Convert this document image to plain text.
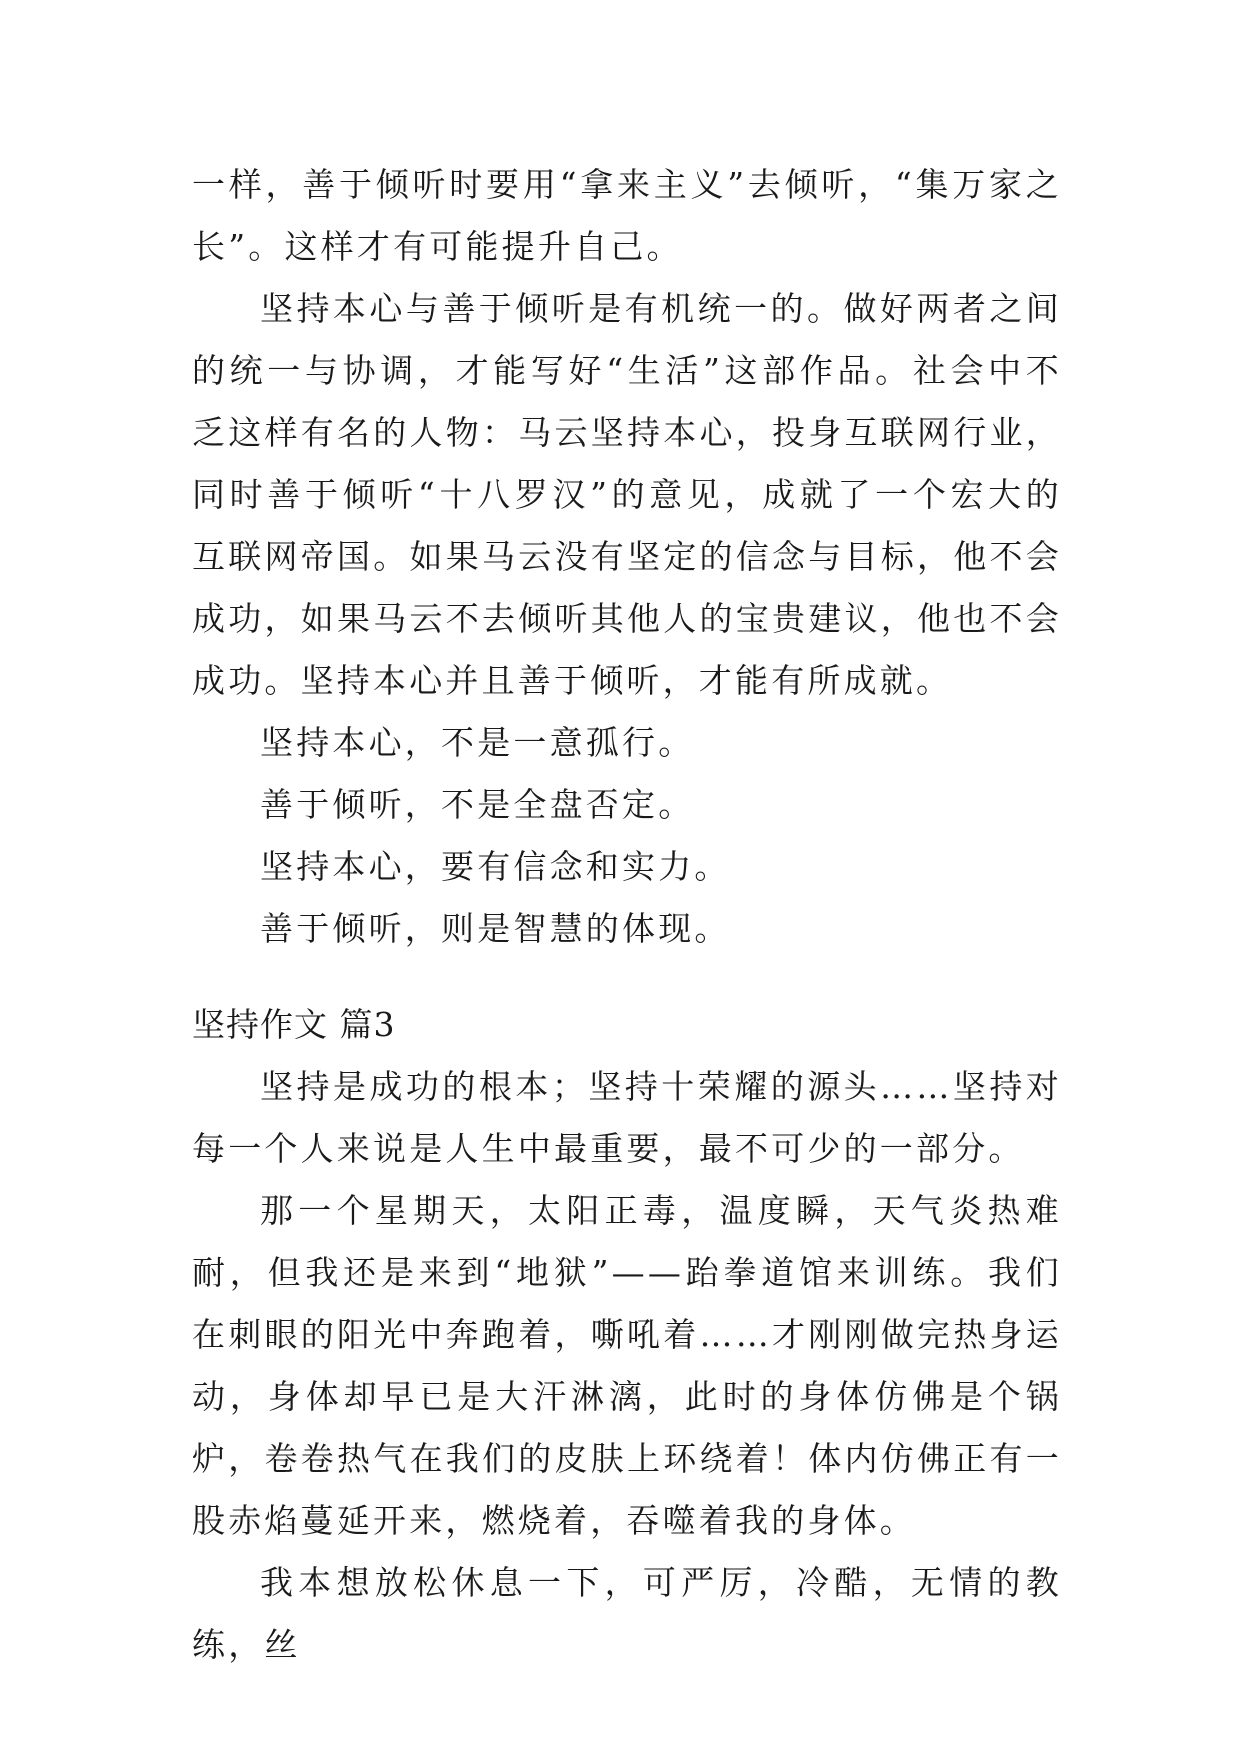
一样，善于倾听时要用“拿来主义”去倾听，“集万家之长”。这样才有可能提升自己。

坚持本心与善于倾听是有机统一的。做好两者之间的统一与协调，才能写好“生活”这部作品。社会中不乏这样有名的人物：马云坚持本心，投身互联网行业，同时善于倾听“十八罗汉”的意见，成就了一个宏大的互联网帝国。如果马云没有坚定的信念与目标，他不会成功，如果马云不去倾听其他人的宝贵建议，他也不会成功。坚持本心并且善于倾听，才能有所成就。

坚持本心，不是一意孤行。

善于倾听，不是全盘否定。

坚持本心，要有信念和实力。

善于倾听，则是智慧的体现。

坚持作文 篇3

坚持是成功的根本；坚持十荣耀的源头……坚持对每一个人来说是人生中最重要，最不可少的一部分。

那一个星期天，太阳正毒，温度瞬，天气炎热难耐，但我还是来到“地狱”——跆拳道馆来训练。我们在刺眼的阳光中奔跑着，嘶吼着……才刚刚做完热身运动，身体却早已是大汗淋漓，此时的身体仿佛是个锅炉，卷卷热气在我们的皮肤上环绕着！体内仿佛正有一股赤焰蔓延开来，燃烧着，吞噬着我的身体。

我本想放松休息一下，可严厉，冷酷，无情的教练，丝
